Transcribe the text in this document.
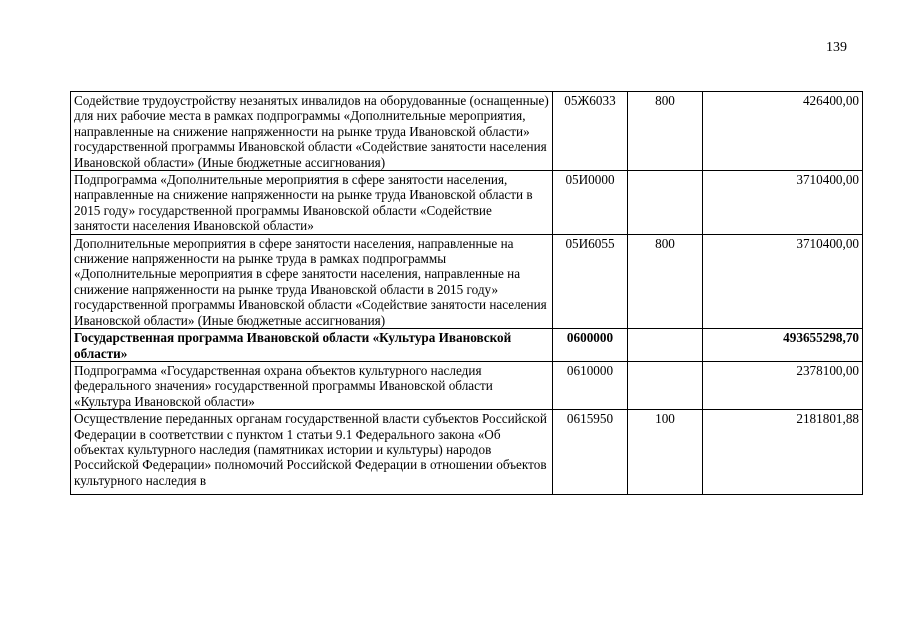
139
Содействие трудоустройству незанятых инвалидов на оборудованные (оснащенные) для них рабочие места в рамках подпрограммы «Дополнительные мероприятия, направленные на снижение напряженности на рынке труда Ивановской области» государственной программы Ивановской области «Содействие занятости населения Ивановской области» (Иные бюджетные ассигнования)	05Ж6033	800	426400,00
Подпрограмма «Дополнительные мероприятия в сфере занятости населения, направленные на снижение напряженности на рынке труда Ивановской области в 2015 году» государственной программы Ивановской области «Содействие занятости населения Ивановской области»	05И0000		3710400,00
Дополнительные мероприятия в сфере занятости населения, направленные на снижение напряженности на рынке труда в рамках подпрограммы «Дополнительные мероприятия в сфере занятости населения, направленные на снижение напряженности на рынке труда Ивановской области в 2015 году» государственной программы Ивановской области «Содействие занятости населения Ивановской области» (Иные бюджетные ассигнования)	05И6055	800	3710400,00
Государственная программа Ивановской области «Культура Ивановской области»	0600000		493655298,70
Подпрограмма «Государственная охрана объектов культурного наследия федерального значения» государственной программы Ивановской области «Культура Ивановской области»	0610000		2378100,00
Осуществление переданных органам государственной власти субъектов Российской Федерации в соответствии с пунктом 1 статьи 9.1 Федерального закона «Об объектах культурного наследия (памятниках истории и культуры) народов Российской Федерации» полномочий Российской Федерации в отношении объектов культурного наследия в	0615950	100	2181801,88
